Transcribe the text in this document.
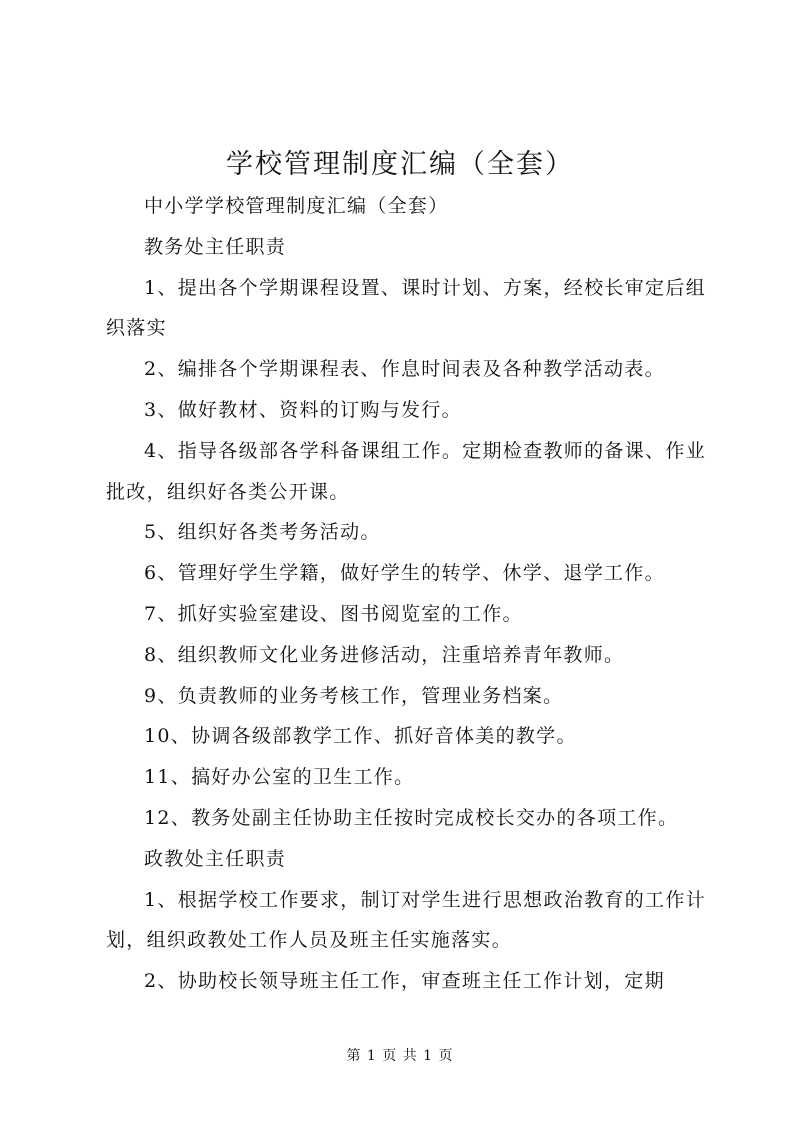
学校管理制度汇编（全套）

中小学学校管理制度汇编（全套）

教务处主任职责

1、提出各个学期课程设置、课时计划、方案，经校长审定后组织落实

2、编排各个学期课程表、作息时间表及各种教学活动表。

3、做好教材、资料的订购与发行。

4、指导各级部各学科备课组工作。定期检查教师的备课、作业批改，组织好各类公开课。

5、组织好各类考务活动。

6、管理好学生学籍，做好学生的转学、休学、退学工作。

7、抓好实验室建设、图书阅览室的工作。

8、组织教师文化业务进修活动，注重培养青年教师。

9、负责教师的业务考核工作，管理业务档案。

10、协调各级部教学工作、抓好音体美的教学。

11、搞好办公室的卫生工作。

12、教务处副主任协助主任按时完成校长交办的各项工作。

政教处主任职责

1、根据学校工作要求，制订对学生进行思想政治教育的工作计划，组织政教处工作人员及班主任实施落实。

2、协助校长领导班主任工作，审查班主任工作计划，定期

第 1 页 共 1 页
